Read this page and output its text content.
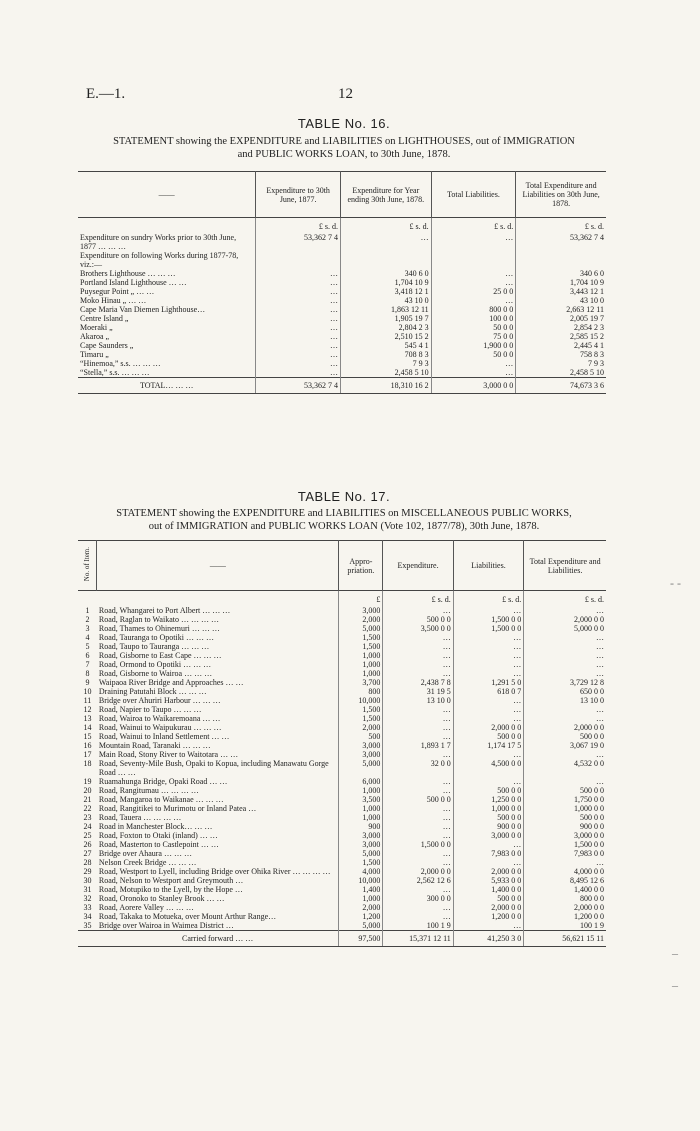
E.—1.	12
TABLE No. 16.
STATEMENT showing the EXPENDITURE and LIABILITIES on LIGHTHOUSES, out of IMMIGRATION
and PUBLIC WORKS LOAN, to 30th June, 1878.
——	Expenditure to 30th June, 1877.	Expenditure for Year ending 30th June, 1878.	Total Liabilities.	Total Expenditure and Liabilities on 30th June, 1878.
	£ s. d.	£ s. d.	£ s. d.	£ s. d.
Expenditure on sundry Works prior to 30th June, 1877 … … …	53,362 7 4	…	…	53,362 7 4
Expenditure on following Works during 1877-78, viz.:—				
Brothers Lighthouse … … …	…	340 6 0	…	340 6 0
Portland Island Lighthouse … …	…	1,704 10 9	…	1,704 10 9
Puysegur Point „ … …	…	3,418 12 1	25 0 0	3,443 12 1
Moko Hinau „ … …	…	43 10 0	…	43 10 0
Cape Maria Van Diemen Lighthouse…	…	1,863 12 11	800 0 0	2,663 12 11
Centre Island „	…	1,905 19 7	100 0 0	2,005 19 7
Moeraki „	…	2,804 2 3	50 0 0	2,854 2 3
Akaroa „	…	2,510 15 2	75 0 0	2,585 15 2
Cape Saunders „	…	545 4 1	1,900 0 0	2,445 4 1
Timaru „	…	708 8 3	50 0 0	758 8 3
“Hinemoa,” s.s. … … …	…	7 9 3	…	7 9 3
“Stella,” s.s. … … …	…	2,458 5 10	…	2,458 5 10
TOTAL… … …	53,362 7 4	18,310 16 2	3,000 0 0	74,673 3 6
TABLE No. 17.
STATEMENT showing the EXPENDITURE and LIABILITIES on MISCELLANEOUS PUBLIC WORKS,
out of IMMIGRATION and PUBLIC WORKS LOAN (Vote 102, 1877/78), 30th June, 1878.
No. of Item.	——	Appro-priation.	Expenditure.	Liabilities.	Total Expenditure and Liabilities.
		£	£ s. d.	£ s. d.	£ s. d.
1	Road, Whangarei to Port Albert … … …	3,000	…	…	…
2	Road, Raglan to Waikato … … … …	2,000	500 0 0	1,500 0 0	2,000 0 0
3	Road, Thames to Ohinemuri … … …	5,000	3,500 0 0	1,500 0 0	5,000 0 0
4	Road, Tauranga to Opotiki … … …	1,500	…	…	…
5	Road, Taupo to Tauranga … … …	1,500	…	…	…
6	Road, Gisborne to East Cape … … …	1,000	…	…	…
7	Road, Ormond to Opotiki … … …	1,000	…	…	…
8	Road, Gisborne to Wairoa … … …	1,000	…	…	…
9	Waipaoa River Bridge and Approaches … …	3,700	2,438 7 8	1,291 5 0	3,729 12 8
10	Draining Patutahi Block … … …	800	31 19 5	618 0 7	650 0 0
11	Bridge over Ahuriri Harbour … … …	10,000	13 10 0	…	13 10 0
12	Road, Napier to Taupo … … …	1,500	…	…	…
13	Road, Wairoa to Waikaremoana … …	1,500	…	…	…
14	Road, Wainui to Waipukurau … … …	2,000	…	2,000 0 0	2,000 0 0
15	Road, Wainui to Inland Settlement … …	500	…	500 0 0	500 0 0
16	Mountain Road, Taranaki … … …	3,000	1,893 1 7	1,174 17 5	3,067 19 0
17	Main Road, Stony River to Waitotara … …	3,000	…	…	…
18	Road, Seventy-Mile Bush, Opaki to Kopua, including Manawatu Gorge Road … …	5,000	32 0 0	4,500 0 0	4,532 0 0
19	Ruamahunga Bridge, Opaki Road … …	6,000	…	…	…
20	Road, Rangitumau … … … …	1,000	…	500 0 0	500 0 0
21	Road, Mangaroa to Waikanae … … …	3,500	500 0 0	1,250 0 0	1,750 0 0
22	Road, Rangitikei to Murimotu or Inland Patea …	1,000	…	1,000 0 0	1,000 0 0
23	Road, Tauera … … … …	1,000	…	500 0 0	500 0 0
24	Road in Manchester Block… … …	900	…	900 0 0	900 0 0
25	Road, Foxton to Otaki (inland) … …	3,000	…	3,000 0 0	3,000 0 0
26	Road, Masterton to Castlepoint … …	3,000	1,500 0 0	…	1,500 0 0
27	Bridge over Ahaura … … …	5,000	…	7,983 0 0	7,983 0 0
28	Nelson Creek Bridge … … …	1,500	…	…	…
29	Road, Westport to Lyell, including Bridge over Ohika River … … … …	4,000	2,000 0 0	2,000 0 0	4,000 0 0
30	Road, Nelson to Westport and Greymouth …	10,000	2,562 12 6	5,933 0 0	8,495 12 6
31	Road, Motupiko to the Lyell, by the Hope …	1,400	…	1,400 0 0	1,400 0 0
32	Road, Oronoko to Stanley Brook … …	1,000	300 0 0	500 0 0	800 0 0
33	Road, Aorere Valley … … …	2,000	…	2,000 0 0	2,000 0 0
34	Road, Takaka to Motueka, over Mount Arthur Range…	1,200	…	1,200 0 0	1,200 0 0
35	Bridge over Wairoa in Waimea District …	5,000	100 1 9	…	100 1 9
	Carried forward … …	97,500	15,371 12 11	41,250 3 0	56,621 15 11
- -
–
–
